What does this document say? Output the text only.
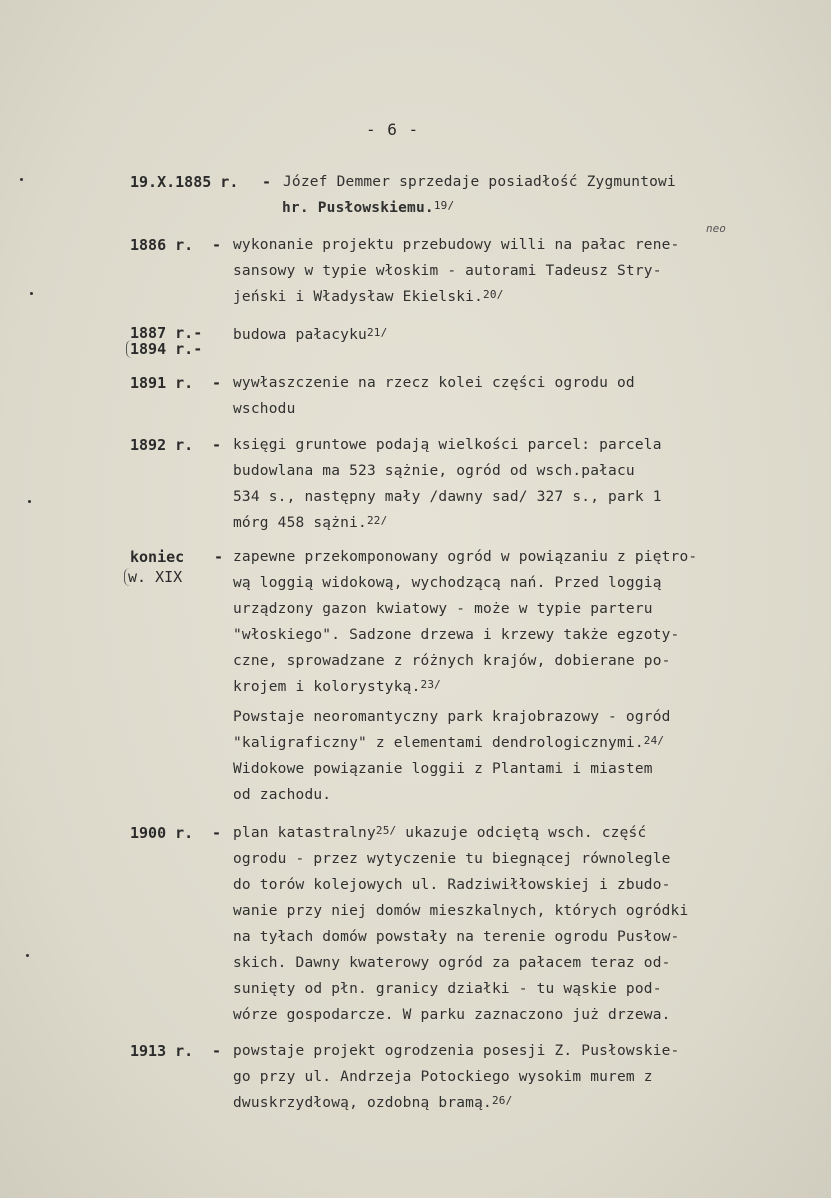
- 6 -
19.X.1885 r. - Józef Demmer sprzedaje posiadłość Zygmuntowi
hr. Pusłowskiemu.$^{19/}$
1886 r. -
neo
wykonanie projektu przebudowy willi na pałac renе-
sansowy w typie włoskim - autorami Tadeusz Stry-
jeński i Władysław Ekielski.$^{20/}$
1887 r.-
1894 r.-
budowa pałacyku$^{21/}$
1891 r. - wywłaszczenie na rzecz kolei części ogrodu od
wschodu
1892 r. - księgi gruntowe podają wielkości parcel: parcela
budowlana ma 523 sążnie, ogród od wsch.pałacu
534 s., następny mały /dawny sad/ 327 s., park 1
mórg 458 sążni.$^{22/}$
koniec
w. XIX
- zapewne przekomponowany ogród w powiązaniu z piętro-
wą loggią widokową, wychodzącą nań. Przed loggią
urządzony gazon kwiatowy - może w typie parteru
"włoskiego". Sadzone drzewa i krzewy także egzoty-
czne, sprowadzane z różnych krajów, dobierane po-
krojem i kolorystyką.$^{23/}$
Powstaje neoromantyczny park krajobrazowy - ogród
"kaligraficzny" z elementami dendrologicznymi.$^{24/}$
Widokowe powiązanie loggii z Plantami i miastem
od zachodu.
1900 r. - plan katastralny$^{25/}$ ukazuje odciętą wsch. część
ogrodu - przez wytyczenie tu biegnącej równolegle
do torów kolejowych ul. Radziwiłłowskiej i zbudo-
wanie przy niej domów mieszkalnych, których ogródki
na tyłach domów powstały na terenie ogrodu Pusłow-
skich. Dawny kwaterowy ogród za pałacem teraz od-
sunięty od płn. granicy działki - tu wąskie pod-
wórze gospodarcze. W parku zaznaczono już drzewa.
1913 r. - powstaje projekt ogrodzenia posesji Z. Pusłowskie-
go przy ul. Andrzeja Potockiego wysokim murem z
dwuskrzydłową, ozdobną bramą.$^{26/}$
